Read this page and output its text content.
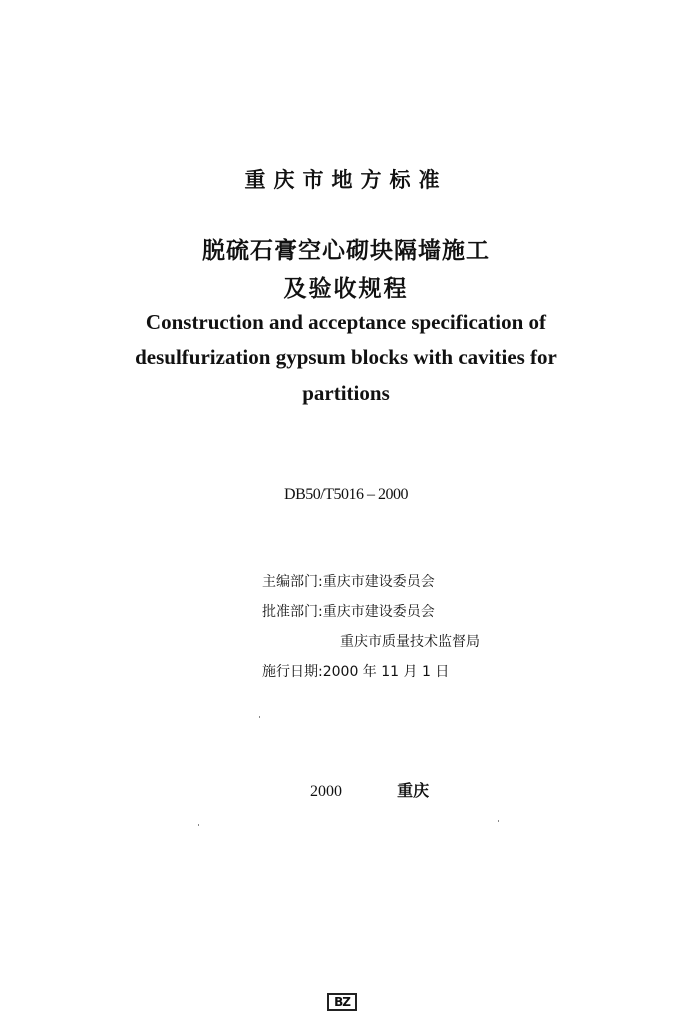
重庆市地方标准
脱硫石膏空心砌块隔墙施工
及验收规程
Construction and acceptance specification of
desulfurization gypsum blocks with cavities for
partitions
DB50/T5016 – 2000
主编部门:重庆市建设委员会
批准部门:重庆市建设委员会
重庆市质量技术监督局
施行日期:2000 年 11 月 1 日
2000	重庆
BZ
